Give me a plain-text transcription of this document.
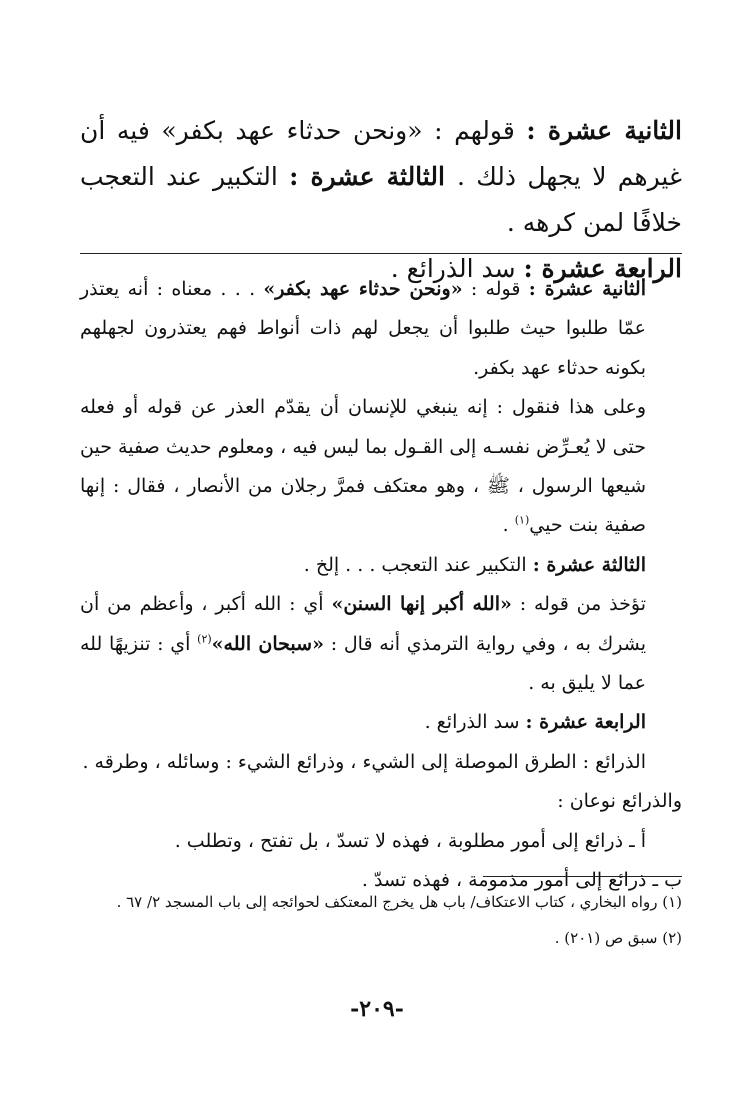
الثانية عشرة : قولهم : «ونحن حدثاء عهد بكفر» فيه أن غيرهم لا يجهل ذلك . الثالثة عشرة : التكبير عند التعجب خلافًا لمن كرهه .

الرابعة عشرة : سد الذرائع .

الثانية عشرة : قوله : «ونحن حدثاء عهد بكفر» . . . معناه : أنه يعتذر عمّا طلبوا حيث طلبوا أن يجعل لهم ذات أنواط فهم يعتذرون لجهلهم بكونه حدثاء عهد بكفر.

وعلى هذا فنقول : إنه ينبغي للإنسان أن يقدّم العذر عن قوله أو فعله حتى لا يُعـرِّض نفسـه إلى القـول بما ليس فيه ، ومعلوم حديث صفية حين شيعها الرسول ، ﷺ ، وهو معتكف فمرَّ رجلان من الأنصار ، فقال : إنها صفية بنت حيي$^{(١)}$ .

الثالثة عشرة : التكبير عند التعجب . . . إلخ .

تؤخذ من قوله : «الله أكبر إنها السنن» أي : الله أكبر ، وأعظم من أن يشرك به ، وفي رواية الترمذي أنه قال : «سبحان الله»$^{(٢)}$ أي : تنزيهًا لله عما لا يليق به .

الرابعة عشرة : سد الذرائع .

الذرائع : الطرق الموصلة إلى الشيء ، وذرائع الشيء : وسائله ، وطرقه .

والذرائع نوعان :

أ ـ ذرائع إلى أمور مطلوبة ، فهذه لا تسدّ ، بل تفتح ، وتطلب .

ب ـ ذرائع إلى أمور مذمومة ، فهذه تسدّ .

(١) رواه البخاري ، كتاب الاعتكاف/ باب هل يخرج المعتكف لحوائجه إلى باب المسجد ٢/ ٦٧ .

(٢) سبق ص (٢٠١) .

-٢٠٩-
